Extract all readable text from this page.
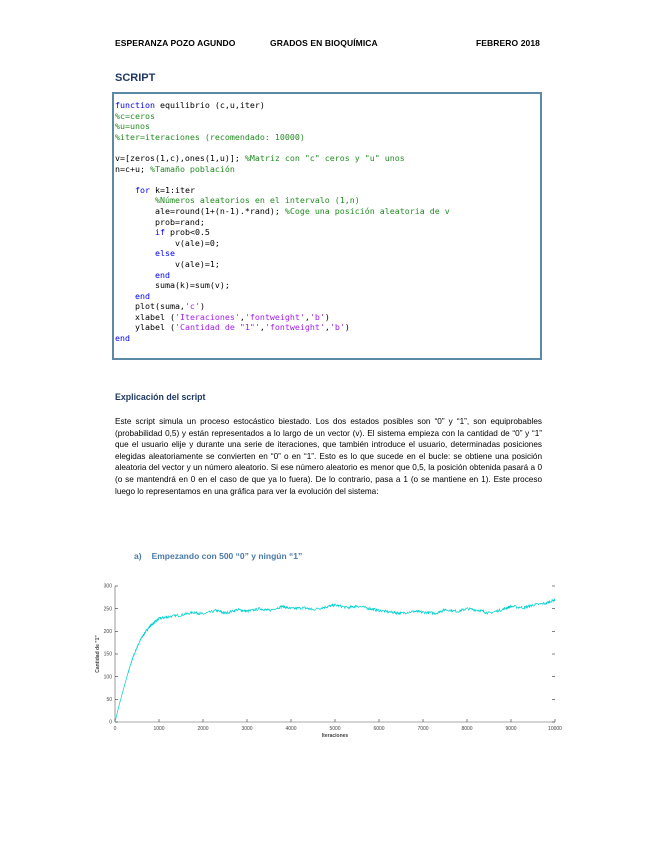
ESPERANZA POZO AGUNDO	GRADOS EN BIOQUÍMICA	FEBRERO 2018
SCRIPT
function equilibrio (c,u,iter)
%c=ceros
%u=unos
%iter=iteraciones (recomendado: 10000)

v=[zeros(1,c),ones(1,u)]; %Matriz con "c" ceros y "u" unos
n=c+u; %Tamaño población

for k=1:iter
%Números aleatorios en el intervalo (1,n)
ale=round(1+(n-1).*rand); %Coge una posición aleatoria de v
prob=rand;
if prob<0.5
v(ale)=0;
else
v(ale)=1;
end
suma(k)=sum(v);
end
plot(suma,'c')
xlabel ('Iteraciones','fontweight','b')
ylabel ('Cantidad de "1"','fontweight','b')
end
Explicación del script

Este script simula un proceso estocástico biestado. Los dos estados posibles son “0” y “1”, son equiprobables (probabilidad 0,5) y están representados a lo largo de un vector (v). El sistema empieza con la cantidad de “0” y “1” que el usuario elije y durante una serie de iteraciones, que también introduce el usuario, determinadas posiciones elegidas aleatoriamente se convierten en “0” o en “1”. Esto es lo que sucede en el bucle: se obtiene una posición aleatoria del vector y un número aleatorio. Si ese número aleatorio es menor que 0,5, la posición obtenida pasará a 0 (o se mantendrá en 0 en el caso de que ya lo fuera). De lo contrario, pasa a 1 (o se mantiene en 1). Este proceso luego lo representamos en una gráfica para ver la evolución del sistema:

a) Empezando con 500 “0” y ningún “1”
0	1000	2000	3000	4000	5000	6000	7000	8000	9000	10000
0
50
100
150
200
250
300
Iteraciones
Cantidad de "1"
